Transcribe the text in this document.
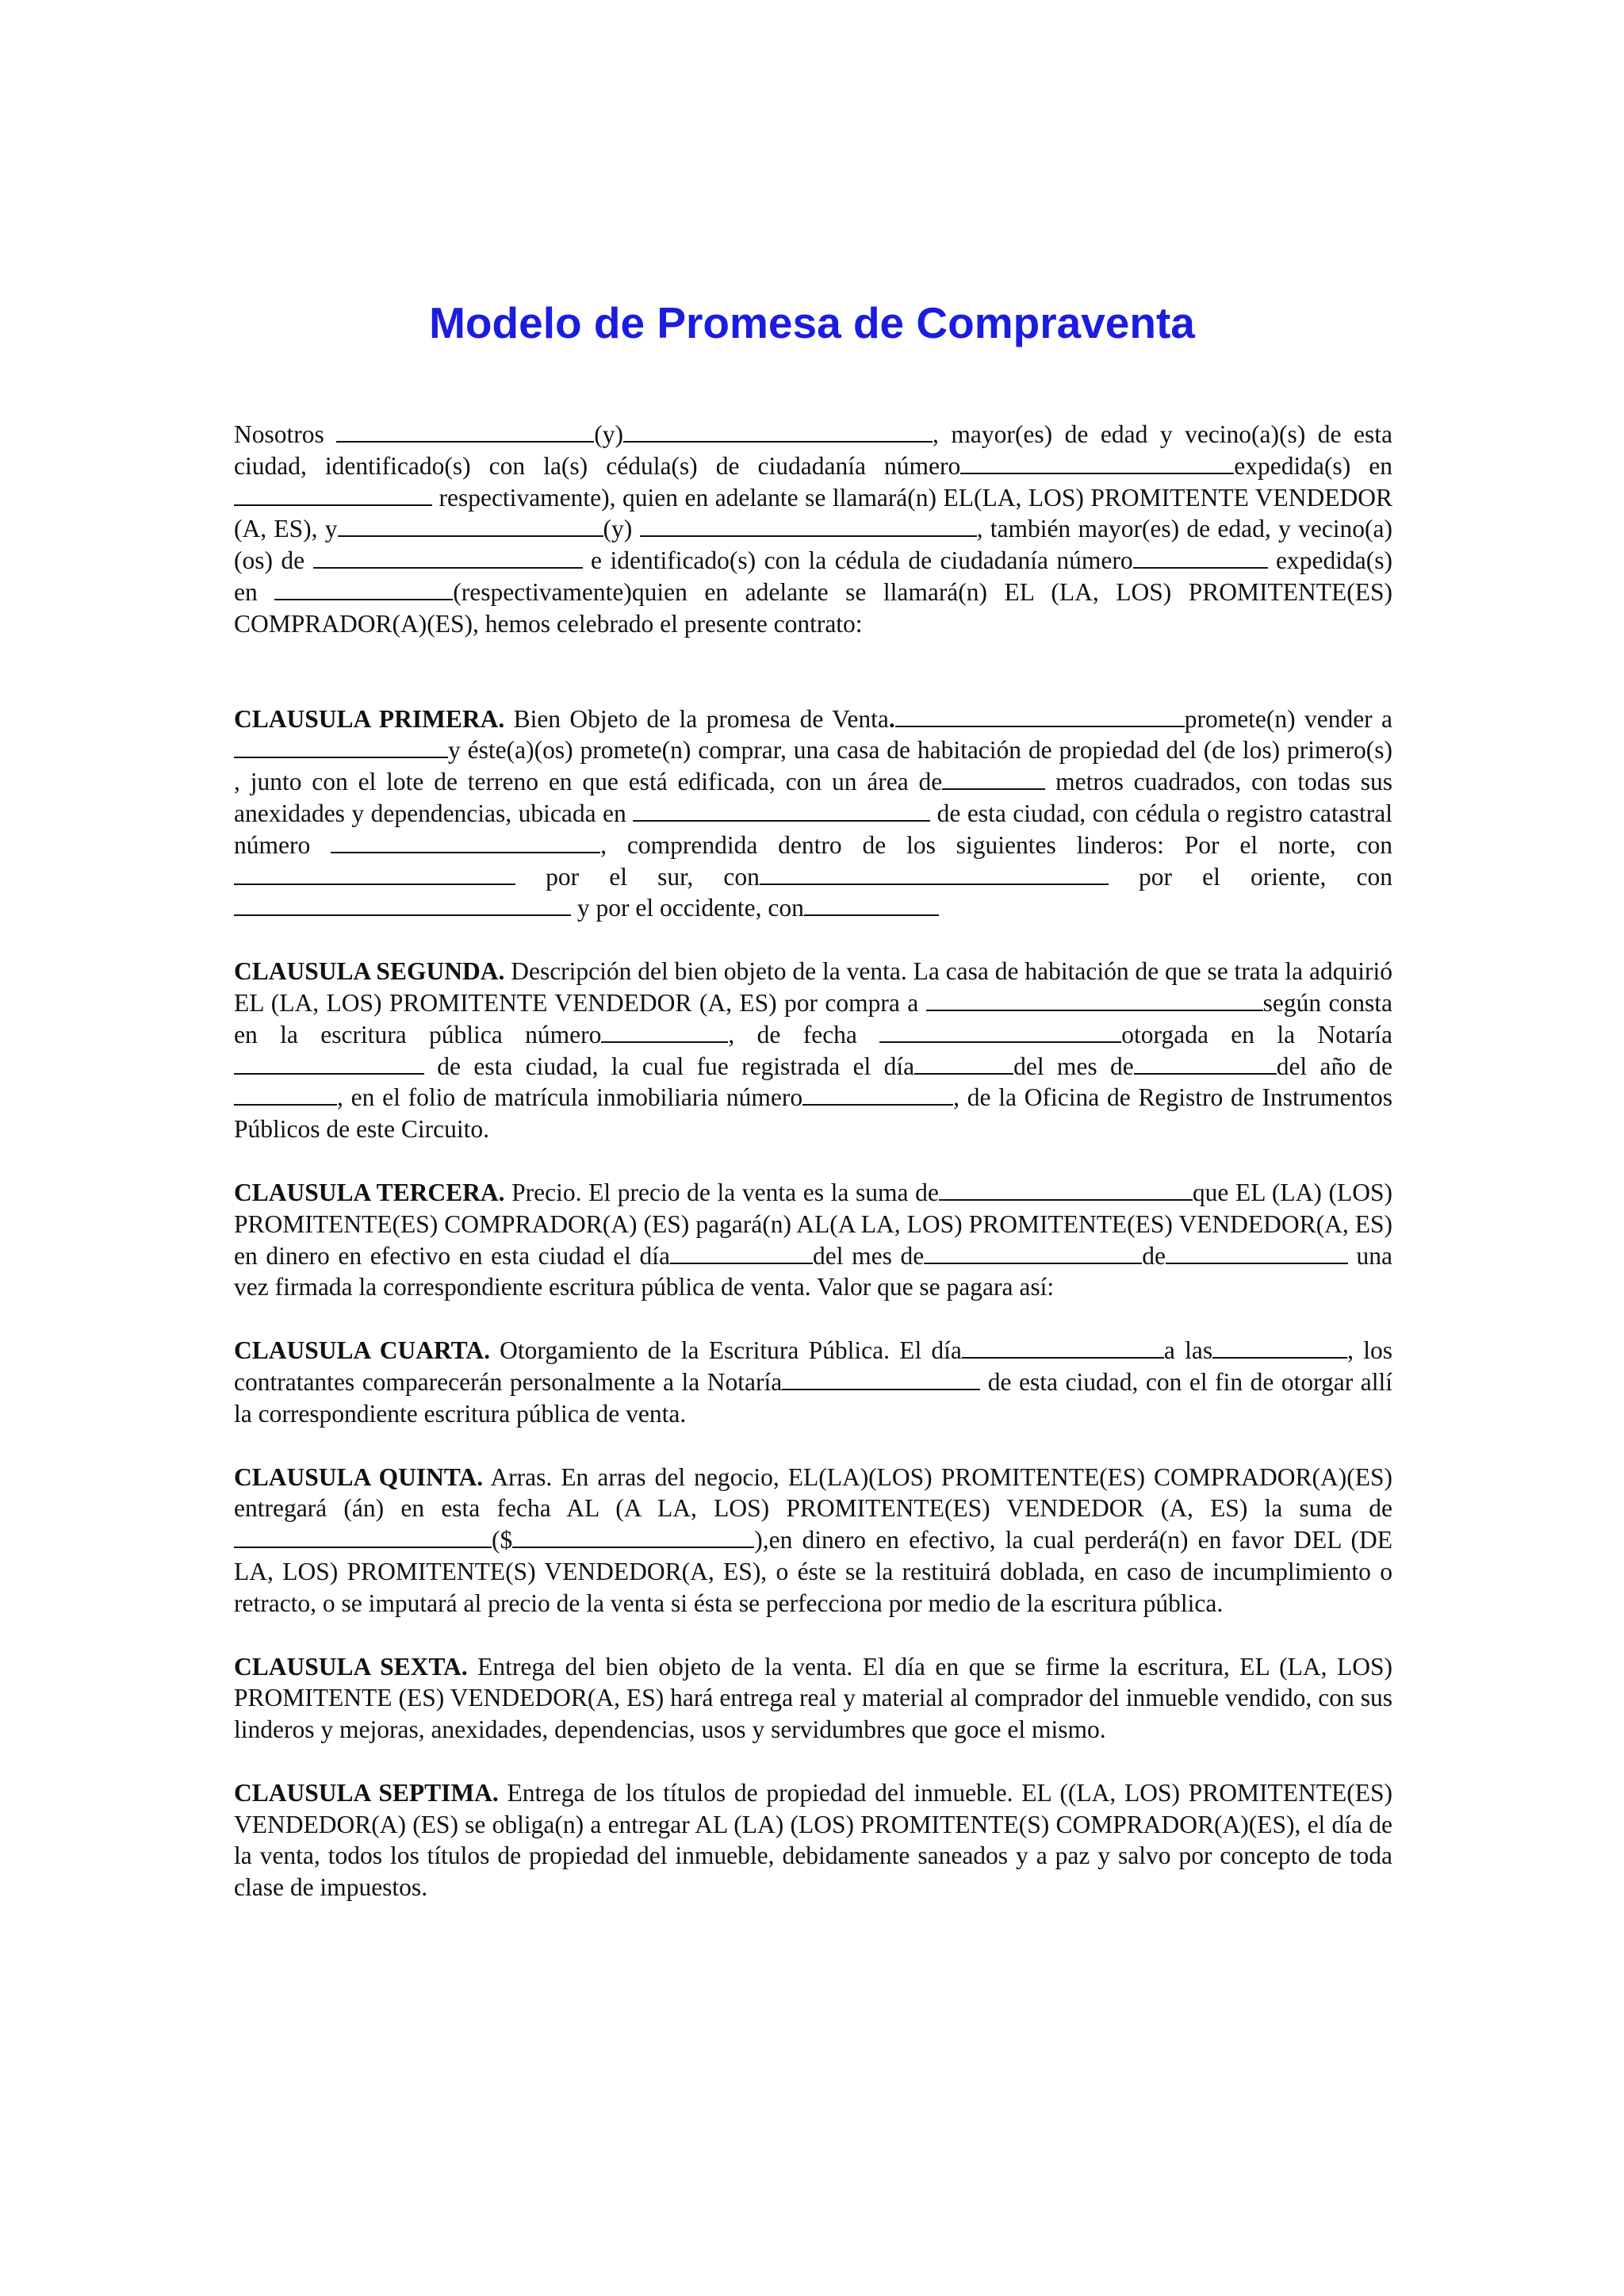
Modelo de Promesa de Compraventa

Nosotros	(y)	, mayor(es) de edad y vecino(a)(s) de esta ciudad, identificado(s) con la(s) cédula(s) de ciudadanía número	expedida(s) en respectivamente), quien en adelante se llamará(n) EL(LA, LOS) PROMITENTE VENDEDOR (A, ES), y	(y)	, también mayor(es) de edad, y vecino(a)(os) de	e identificado(s) con la cédula de ciudadanía número	expedida(s) en	(respectivamente)quien en adelante se llamará(n) EL (LA, LOS) PROMITENTE(ES) COMPRADOR(A)(ES), hemos celebrado el presente contrato:

CLAUSULA PRIMERA. Bien Objeto de la promesa de Venta.	promete(n) vender ay éste(a)(os) promete(n) comprar, una casa de habitación de propiedad del (de los) primero(s) , junto con el lote de terreno en que está edificada, con un área de	metros cuadrados, con todas sus anexidades y dependencias, ubicada en	de esta ciudad, con cédula o registro catastral número	, comprendida dentro de los siguientes linderos: Por el norte, con por el sur, con	por el oriente, con y por el occidente, con

CLAUSULA SEGUNDA. Descripción del bien objeto de la venta. La casa de habitación de que se trata la adquirió EL (LA, LOS) PROMITENTE VENDEDOR (A, ES) por compra a	según consta en la escritura pública número	, de fecha	otorgada en la Notaría de esta ciudad, la cual fue registrada el día	del mes de	del año de, en el folio de matrícula inmobiliaria número	, de la Oficina de Registro de Instrumentos Públicos de este Circuito.

CLAUSULA TERCERA. Precio. El precio de la venta es la suma de	que EL (LA) (LOS) PROMITENTE(ES) COMPRADOR(A) (ES) pagará(n) AL(A LA, LOS) PROMITENTE(ES) VENDEDOR(A, ES) en dinero en efectivo en esta ciudad el día	del mes de	de	una vez firmada la correspondiente escritura pública de venta. Valor que se pagara así:

CLAUSULA CUARTA. Otorgamiento de la Escritura Pública. El día	a las	, los contratantes comparecerán personalmente a la Notaría	de esta ciudad, con el fin de otorgar allí la correspondiente escritura pública de venta.

CLAUSULA QUINTA. Arras. En arras del negocio, EL(LA)(LOS) PROMITENTE(ES) COMPRADOR(A)(ES) entregará (án) en esta fecha AL (A LA, LOS) PROMITENTE(ES) VENDEDOR (A, ES) la suma de ($	),en dinero en efectivo, la cual perderá(n) en favor DEL (DE LA, LOS) PROMITENTE(S) VENDEDOR(A, ES), o éste se la restituirá doblada, en caso de incumplimiento o retracto, o se imputará al precio de la venta si ésta se perfecciona por medio de la escritura pública.

CLAUSULA SEXTA. Entrega del bien objeto de la venta. El día en que se firme la escritura, EL (LA, LOS) PROMITENTE (ES) VENDEDOR(A, ES) hará entrega real y material al comprador del inmueble vendido, con sus linderos y mejoras, anexidades, dependencias, usos y servidumbres que goce el mismo.

CLAUSULA SEPTIMA. Entrega de los títulos de propiedad del inmueble. EL ((LA, LOS) PROMITENTE(ES) VENDEDOR(A) (ES) se obliga(n) a entregar AL (LA) (LOS) PROMITENTE(S) COMPRADOR(A)(ES), el día de la venta, todos los títulos de propiedad del inmueble, debidamente saneados y a paz y salvo por concepto de toda clase de impuestos.
